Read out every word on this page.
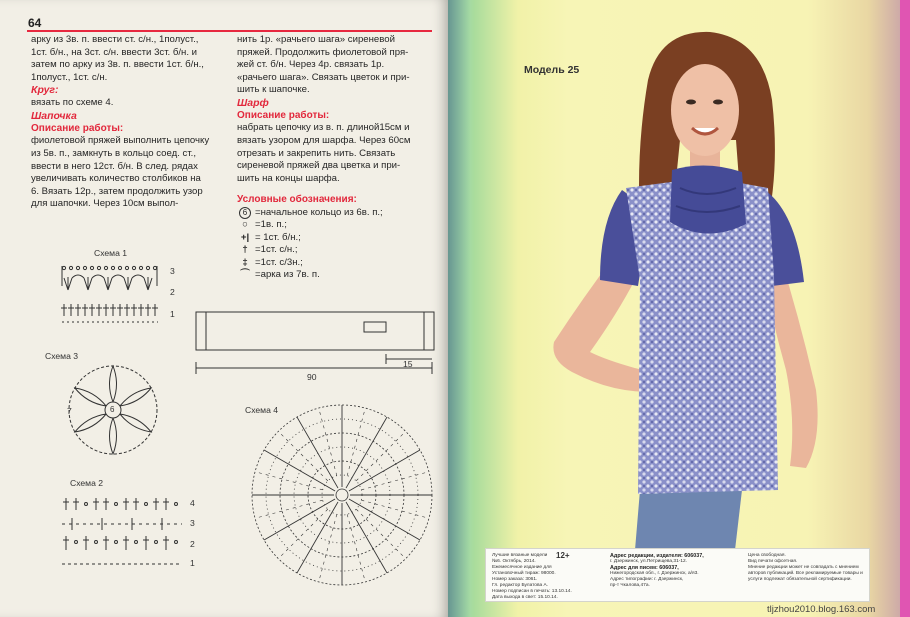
64

арку из 3в. п. ввести ст. с/н., 1полуст.,

1ст. б/н., на 3ст. с/н. ввести 3ст. б/н. и

затем по арку из 3в. п. ввести 1ст. б/н.,

1полуст., 1ст. с/н.

Круг:

вязать по схеме 4.

Шапочка

Описание работы:

фиолетовой пряжей выполнить цепочку

из 5в. п., замкнуть в кольцо соед. ст.,

ввести в него 12ст. б/н. В след. рядах

увеличивать количество столбиков на

6. Вязать 12р., затем продолжить узор

для шапочки. Через 10см выпол-

нить 1р. «рачьего шага» сиреневой

пряжей. Продолжить фиолетовой пря-

жей ст. б/н. Через 4р. связать 1р.

«рачьего шага». Связать цветок и при-

шить к шапочке.

Шарф

Описание работы:

набрать цепочку из в. п. длиной15см и

вязать узором для шарфа. Через 60см

отрезать и закрепить нить. Связать

сиреневой пряжей два цветка и при-

шить на концы шарфа.

Условные обозначения:

6 =начальное кольцо из 6в. п.;
○ =1в. п.;
+| = 1ст. б/н.;
† =1ст. с/н.;
‡ =1ст. с/3н.;
⌒ =арка из 7в. п.
Схема 1
3
2
1
15
90
Схема 3
6
7
Схема 2
4
3
2
1
Схема 4
Модель 25
12+
Лучшие вязаные модели
№6. Октябрь, 2014.
Ежемесячное издание для
Установочный тираж: 98000.
Номер заказа: 3061.
Гл. редактор Булатова А.
Номер подписан в печать: 13.10.14.
Дата выхода в свет: 15.10.14.
Адрес редакции, издателя: 606037,
г. Дзержинск, ул.Петрищева,31-12.
Адрес для писем: 606037,
Нижегородская обл., г. Дзержинск, а/я3.
Адрес типографии: г. Дзержинск,
пр-т Чкалова,47а.
Цена свободная.
Вид печати офсетная.
Мнение редакции может не совпадать с мнением
авторов публикаций. Все рекламируемые товары и
услуги подлежат обязательной сертификации.
tljzhou2010.blog.163.com
